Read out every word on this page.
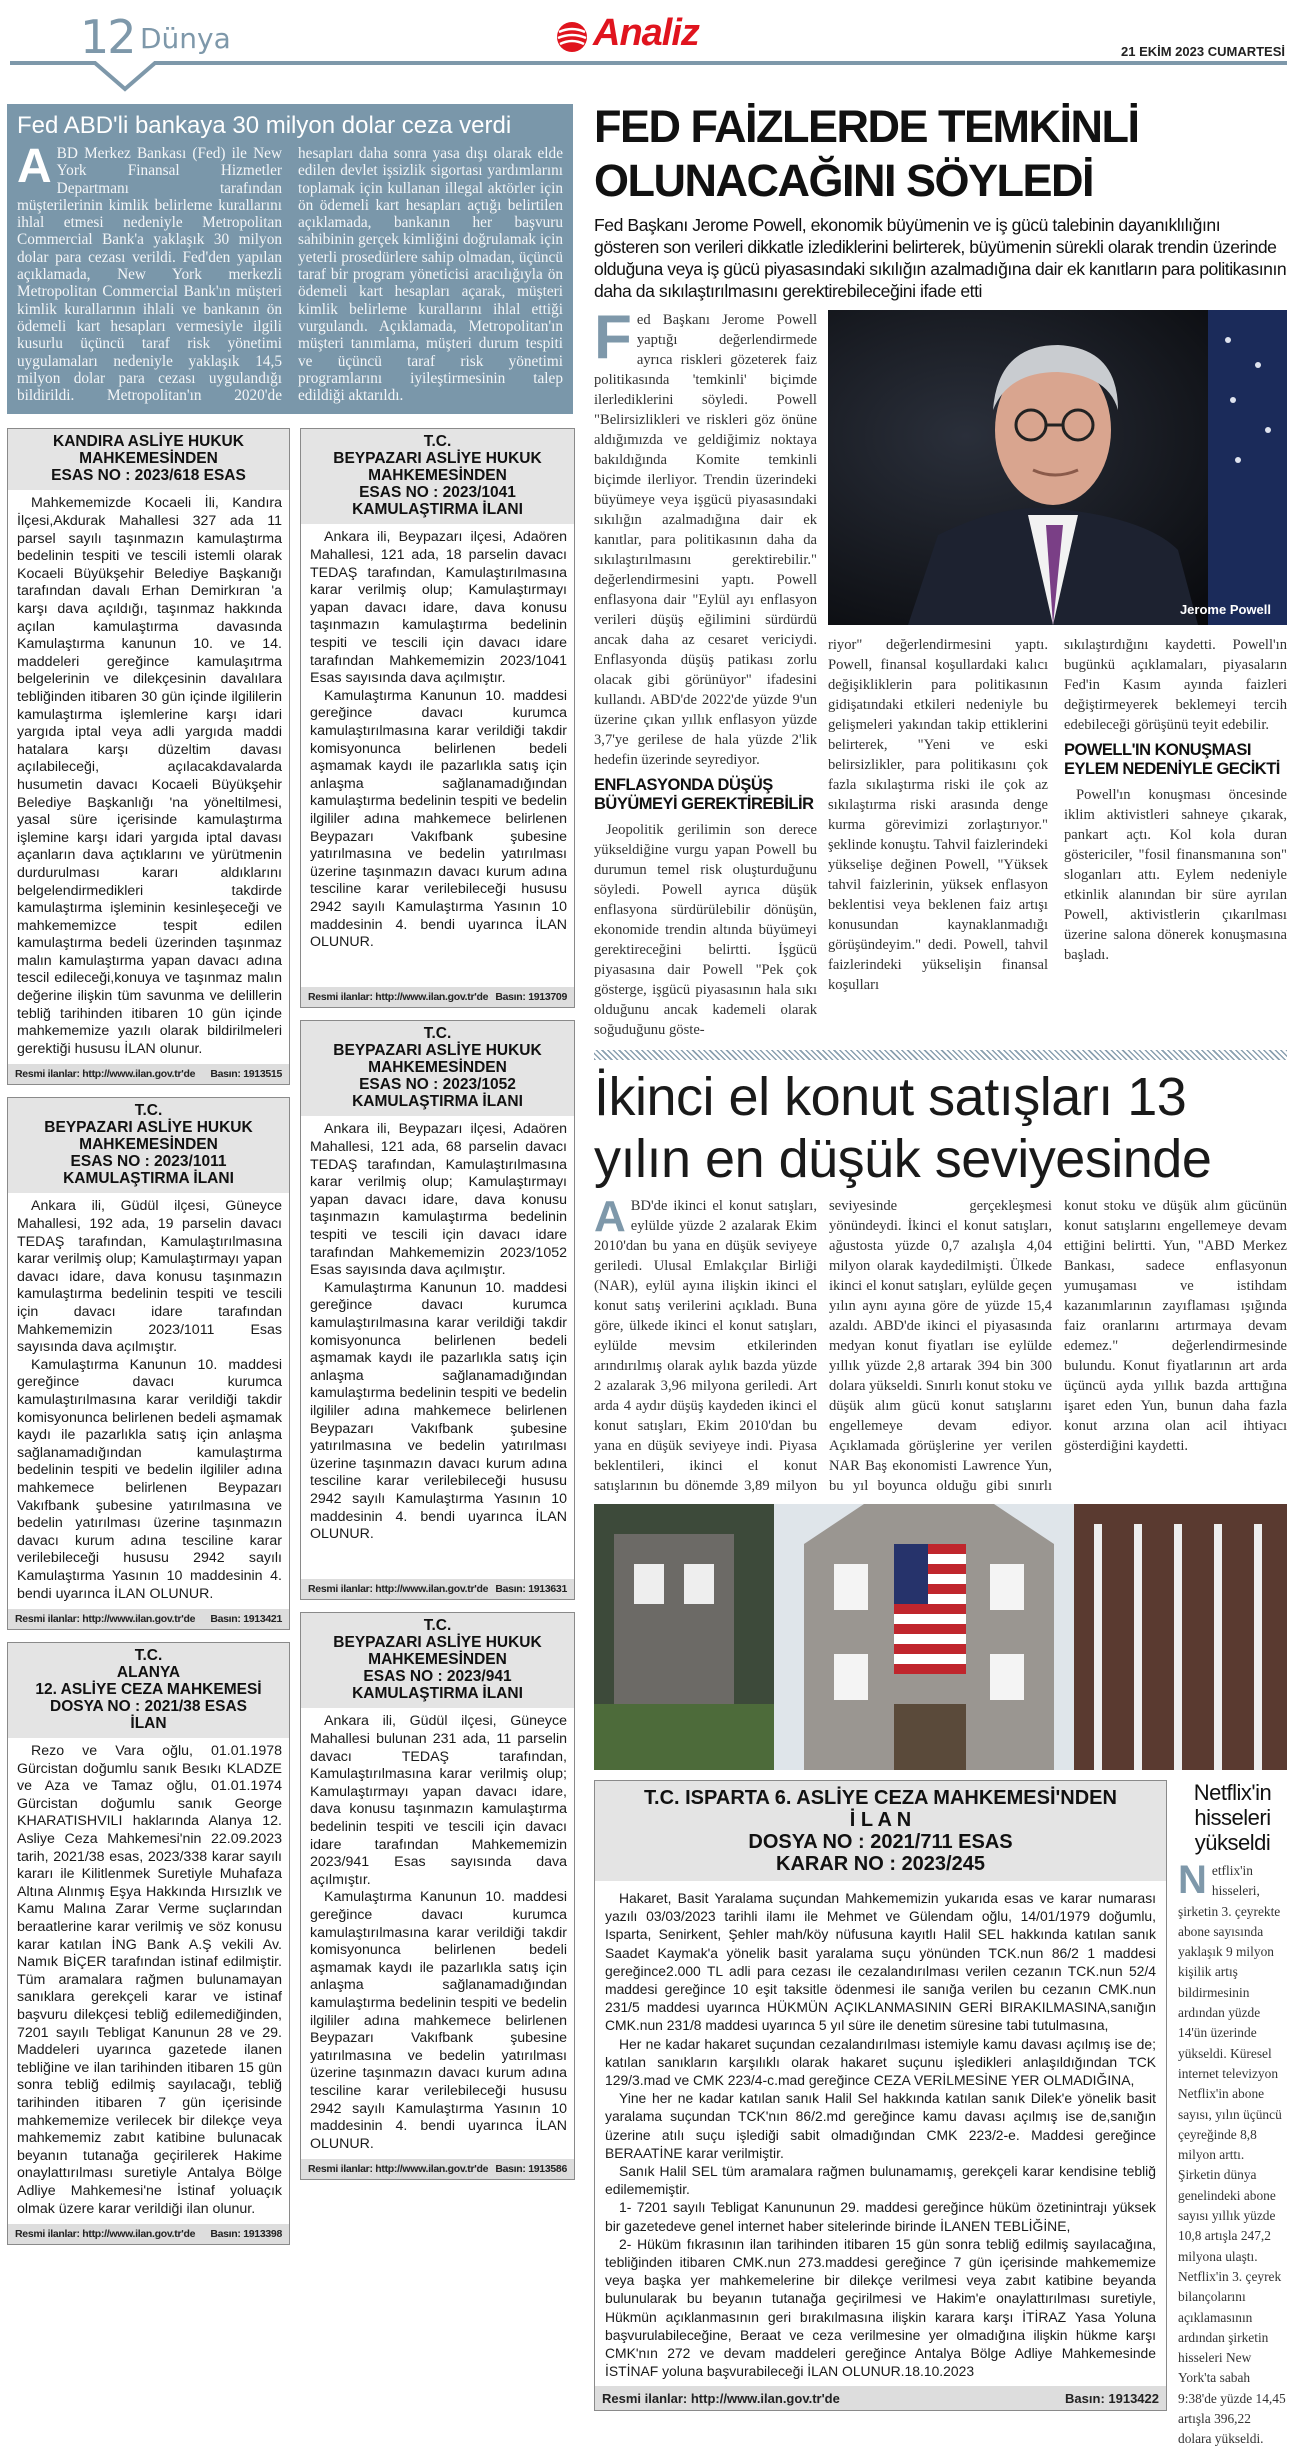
12 Dünya	Analiz	21 EKİM 2023 CUMARTESİ
Fed ABD'li bankaya 30 milyon dolar ceza verdi
ABD Merkez Bankası (Fed) ile New York Finansal Hizmetler Departmanı tarafından müşterilerinin kimlik belirleme kurallarını ihlal etmesi nedeniyle Metropolitan Commercial Bank'a yaklaşık 30 milyon dolar para cezası verildi. Fed'den yapılan açıklamada, New York merkezli Metropolitan Commercial Bank'ın müşteri kimlik kurallarının ihlali ve bankanın ön ödemeli kart hesapları vermesiyle ilgili kusurlu üçüncü taraf risk yönetimi uygulamaları nedeniyle yaklaşık 14,5 milyon dolar para cezası uygulandığı bildirildi. Metropolitan'ın 2020'de hesapları daha sonra yasa dışı olarak elde edilen devlet işsizlik sigortası yardımlarını toplamak için kullanan illegal aktörler için ön ödemeli kart hesapları açtığı belirtilen açıklamada, bankanın her başvuru sahibinin gerçek kimliğini doğrulamak için yeterli prosedürlere sahip olmadan, üçüncü taraf bir program yöneticisi aracılığıyla ön ödemeli kart hesapları açarak, müşteri kimlik belirleme kurallarını ihlal ettiği vurgulandı. Açıklamada, Metropolitan'ın müşteri tanımlama, müşteri durum tespiti ve üçüncü taraf risk yönetimi programlarını iyileştirmesinin talep edildiği aktarıldı.
KANDIRA ASLİYE HUKUK
MAHKEMESİNDEN
ESAS NO : 2023/618 ESAS

Mahkememizde Kocaeli İli, Kandıra İlçesi,Akdurak Mahallesi 327 ada 11 parsel sayılı taşınmazın kamulaştırma bedelinin tespiti ve tescili istemli olarak Kocaeli Büyükşehir Belediye Başkanığı tarafından davalı Erhan Demirkıran 'a karşı dava açıldığı, taşınmaz hakkında açılan kamulaştırma davasında Kamulaştırma kanunun 10. ve 14. maddeleri gereğince kamulaşıtrma belgelerinin ve dilekçesinin davalılara tebliğinden itibaren 30 gün içinde ilgililerin kamulaştırma işlemlerine karşı idari yargıda iptal veya adli yargıda maddi hatalara karşı düzeltim davası açılabileceği, açılacakdavalarda husumetin davacı Kocaeli Büyükşehir Belediye Başkanlığı 'na yöneltilmesi, yasal süre içerisinde kamulaştırma işlemine karşı idari yargıda iptal davası açanların dava açtıklarını ve yürütmenin durdurulması kararı aldıklarını belgelendirmedikleri takdirde kamulaştırma işleminin kesinleşeceği ve mahkememizce tespit edilen kamulaştırma bedeli üzerinden taşınmaz malın kamulaştırma yapan davacı adına tescil edileceği,konuya ve taşınmaz malın değerine ilişkin tüm savunma ve delillerin tebliğ tarihinden itibaren 10 gün içinde mahkememize yazılı olarak bildirilmeleri gerektiği hususu İLAN olunur.

Resmi ilanlar: http://www.ilan.gov.tr'de Basın: 1913515
T.C.
BEYPAZARI ASLİYE HUKUK
MAHKEMESİNDEN
ESAS NO : 2023/1011
KAMULAŞTIRMA İLANI

Ankara ili, Güdül ilçesi, Güneyce Mahallesi, 192 ada, 19 parselin davacı TEDAŞ tarafından, Kamulaştırılmasına karar verilmiş olup; Kamulaştırmayı yapan davacı idare, dava konusu taşınmazın kamulaştırma bedelinin tespiti ve tescili için davacı idare tarafından Mahkememizin 2023/1011 Esas sayısında dava açılmıştır.

Kamulaştırma Kanunun 10. maddesi gereğince davacı kurumca kamulaştırılmasına karar verildiği takdir komisyonunca belirlenen bedeli aşmamak kaydı ile pazarlıkla satış için anlaşma sağlanamadığından kamulaştırma bedelinin tespiti ve bedelin ilgililer adına mahkemece belirlenen Beypazarı Vakıfbank şubesine yatırılmasına ve bedelin yatırılması üzerine taşınmazın davacı kurum adına tesciline karar verilebileceği hususu 2942 sayılı Kamulaştırma Yasının 10 maddesinin 4. bendi uyarınca İLAN OLUNUR.

Resmi ilanlar: http://www.ilan.gov.tr'de Basın: 1913421
T.C.
ALANYA
12. ASLİYE CEZA MAHKEMESİ
DOSYA NO : 2021/38 ESAS
İLAN

Rezo ve Vara oğlu, 01.01.1978 Gürcistan doğumlu sanık Besıkı KLADZE ve Aza ve Tamaz oğlu, 01.01.1974 Gürcistan doğumlu sanık George KHARATISHVILI haklarında Alanya 12. Asliye Ceza Mahkemesi'nin 22.09.2023 tarih, 2021/38 esas, 2023/338 karar sayılı kararı ile Kilitlenmek Suretiyle Muhafaza Altına Alınmış Eşya Hakkında Hırsızlık ve Kamu Malına Zarar Verme suçlarından beraatlerine karar verilmiş ve söz konusu karar katılan İNG Bank A.Ş vekili Av. Namık BİÇER tarafından istinaf edilmiştir. Tüm aramalara rağmen bulunamayan sanıklara gerekçeli karar ve istinaf başvuru dilekçesi tebliğ edilemediğinden, 7201 sayılı Tebligat Kanunun 28 ve 29. Maddeleri uyarınca gazetede ilanen tebliğine ve ilan tarihinden itibaren 15 gün sonra tebliğ edilmiş sayılacağı, tebliğ tarihinden itibaren 7 gün içerisinde mahkememize verilecek bir dilekçe veya mahkememiz zabıt katibine bulunacak beyanın tutanağa geçirilerek Hakime onaylattırılması suretiyle Antalya Bölge Adliye Mahkemesi'ne İstinaf yoluaçık olmak üzere karar verildiği ilan olunur.

Resmi ilanlar: http://www.ilan.gov.tr'de Basın: 1913398
T.C.
BEYPAZARI ASLİYE HUKUK
MAHKEMESİNDEN
ESAS NO : 2023/1041
KAMULAŞTIRMA İLANI

Ankara ili, Beypazarı ilçesi, Adaören Mahallesi, 121 ada, 18 parselin davacı TEDAŞ tarafından, Kamulaştırılmasına karar verilmiş olup; Kamulaştırmayı yapan davacı idare, dava konusu taşınmazın kamulaştırma bedelinin tespiti ve tescili için davacı idare tarafından Mahkememizin 2023/1041 Esas sayısında dava açılmıştır.

Kamulaştırma Kanunun 10. maddesi gereğince davacı kurumca kamulaştırılmasına karar verildiği takdir komisyonunca belirlenen bedeli aşmamak kaydı ile pazarlıkla satış için anlaşma sağlanamadığından kamulaştırma bedelinin tespiti ve bedelin ilgililer adına mahkemece belirlenen Beypazarı Vakıfbank şubesine yatırılmasına ve bedelin yatırılması üzerine taşınmazın davacı kurum adına tesciline karar verilebileceği hususu 2942 sayılı Kamulaştırma Yasının 10 maddesinin 4. bendi uyarınca İLAN OLUNUR.

Resmi ilanlar: http://www.ilan.gov.tr'de Basın: 1913709
T.C.
BEYPAZARI ASLİYE HUKUK
MAHKEMESİNDEN
ESAS NO : 2023/1052
KAMULAŞTIRMA İLANI

Ankara ili, Beypazarı ilçesi, Adaören Mahallesi, 121 ada, 68 parselin davacı TEDAŞ tarafından, Kamulaştırılmasına karar verilmiş olup; Kamulaştırmayı yapan davacı idare, dava konusu taşınmazın kamulaştırma bedelinin tespiti ve tescili için davacı idare tarafından Mahkememizin 2023/1052 Esas sayısında dava açılmıştır.

Kamulaştırma Kanunun 10. maddesi gereğince davacı kurumca kamulaştırılmasına karar verildiği takdir komisyonunca belirlenen bedeli aşmamak kaydı ile pazarlıkla satış için anlaşma sağlanamadığından kamulaştırma bedelinin tespiti ve bedelin ilgililer adına mahkemece belirlenen Beypazarı Vakıfbank şubesine yatırılmasına ve bedelin yatırılması üzerine taşınmazın davacı kurum adına tesciline karar verilebileceği hususu 2942 sayılı Kamulaştırma Yasının 10 maddesinin 4. bendi uyarınca İLAN OLUNUR.

Resmi ilanlar: http://www.ilan.gov.tr'de Basın: 1913631
T.C.
BEYPAZARI ASLİYE HUKUK
MAHKEMESİNDEN
ESAS NO : 2023/941
KAMULAŞTIRMA İLANI

Ankara ili, Güdül ilçesi, Güneyce Mahallesi bulunan 231 ada, 11 parselin davacı TEDAŞ tarafından, Kamulaştırılmasına karar verilmiş olup; Kamulaştırmayı yapan davacı idare, dava konusu taşınmazın kamulaştırma bedelinin tespiti ve tescili için davacı idare tarafından Mahkememizin 2023/941 Esas sayısında dava açılmıştır.

Kamulaştırma Kanunun 10. maddesi gereğince davacı kurumca kamulaştırılmasına karar verildiği takdir komisyonunca belirlenen bedeli aşmamak kaydı ile pazarlıkla satış için anlaşma sağlanamadığından kamulaştırma bedelinin tespiti ve bedelin ilgililer adına mahkemece belirlenen Beypazarı Vakıfbank şubesine yatırılmasına ve bedelin yatırılması üzerine taşınmazın davacı kurum adına tesciline karar verilebileceği hususu 2942 sayılı Kamulaştırma Yasının 10 maddesinin 4. bendi uyarınca İLAN OLUNUR.

Resmi ilanlar: http://www.ilan.gov.tr'de Basın: 1913586
FED FAİZLERDE TEMKİNLİ
OLUNACAĞINI SÖYLEDİ
Fed Başkanı Jerome Powell, ekonomik büyümenin ve iş gücü talebinin dayanıklılığını gösteren son verileri dikkatle izlediklerini belirterek, büyümenin sürekli olarak trendin üzerinde olduğuna veya iş gücü piyasasındaki sıkılığın azalmadığına dair ek kanıtların para politikasının daha da sıkılaştırılmasını gerektirebileceğini ifade etti

Fed Başkanı Jerome Powell yaptığı değerlendirmede ayrıca riskleri gözeterek faiz politikasında 'temkinli' biçimde ilerlediklerini söyledi. Powell "Belirsizlikleri ve riskleri göz önüne aldığımızda ve geldiğimiz noktaya bakıldığında Komite temkinli biçimde ilerliyor. Trendin üzerindeki büyümeye veya işgücü piyasasındaki sıkılığın azalmadığına dair ek kanıtlar, para politikasının daha da sıkılaştırılmasını gerektirebilir." değerlendirmesini yaptı. Powell enflasyona dair "Eylül ayı enflasyon verileri düşüş eğilimini sürdürdü ancak daha az cesaret vericiydi. Enflasyonda düşüş patikası zorlu olacak gibi görünüyor" ifadesini kullandı. ABD'de 2022'de yüzde 9'un üzerine çıkan yıllık enflasyon yüzde 3,7'ye gerilese de hala yüzde 2'lik hedefin üzerinde seyrediyor.

ENFLASYONDA DÜŞÜŞ BÜYÜMEYİ GEREKTİREBİLİR

Jeopolitik gerilimin son derece yükseldiğine vurgu yapan Powell bu durumun temel risk oluşturduğunu söyledi. Powell ayrıca düşük enflasyona sürdürülebilir dönüşün, ekonomide trendin altında büyümeyi gerektireceğini belirtti. İşgücü piyasasına dair Powell "Pek çok gösterge, işgücü piyasasının hala sıkı olduğunu ancak kademeli olarak soğuduğunu göste-

Jerome Powell

riyor" değerlendirmesini yaptı. Powell, finansal koşullardaki kalıcı değişikliklerin para politikasının gidişatındaki etkileri nedeniyle bu gelişmeleri yakından takip ettiklerini belirterek, "Yeni ve eski belirsizlikler, para politikasını çok fazla sıkılaştırma riski ile çok az sıkılaştırma riski arasında denge kurma görevimizi zorlaştırıyor." şeklinde konuştu. Tahvil faizlerindeki yükselişe değinen Powell, "Yüksek tahvil faizlerinin, yüksek enflasyon beklentisi veya beklenen faiz artışı konusundan kaynaklanmadığı görüşündeyim." dedi. Powell, tahvil faizlerindeki yükselişin finansal koşulları

sıkılaştırdığını kaydetti. Powell'ın bugünkü açıklamaları, piyasaların Fed'in Kasım ayında faizleri değiştirmeyerek beklemeyi tercih edebileceği görüşünü teyit edebilir.

POWELL'IN KONUŞMASI EYLEM NEDENİYLE GECİKTİ

Powell'ın konuşması öncesinde iklim aktivistleri sahneye çıkarak, pankart açtı. Kol kola duran göstericiler, "fosil finansmanına son" sloganları attı. Eylem nedeniyle etkinlik alanından bir süre ayrılan Powell, aktivistlerin çıkarılması üzerine salona dönerek konuşmasına başladı.

İkinci el konut satışları 13 yılın en düşük seviyesinde
ABD'de ikinci el konut satışları, eylülde yüzde 2 azalarak Ekim 2010'dan bu yana en düşük seviyeye geriledi. Ulusal Emlakçılar Birliği (NAR), eylül ayına ilişkin ikinci el konut satış verilerini açıkladı. Buna göre, ülkede ikinci el konut satışları, eylülde mevsim etkilerinden arındırılmış olarak aylık bazda yüzde 2 azalarak 3,96 milyona geriledi. Art arda 4 aydır düşüş kaydeden ikinci el konut satışları, Ekim 2010'dan bu yana en düşük seviyeye indi. Piyasa beklentileri, ikinci el konut satışlarının bu dönemde 3,89 milyon seviyesinde gerçekleşmesi yönündeydi. İkinci el konut satışları, ağustosta yüzde 0,7 azalışla 4,04 milyon olarak kaydedilmişti. Ülkede ikinci el konut satışları, eylülde geçen yılın aynı ayına göre de yüzde 15,4 azaldı. ABD'de ikinci el piyasasında medyan konut fiyatları ise eylülde yıllık yüzde 2,8 artarak 394 bin 300 dolara yükseldi. Sınırlı konut stoku ve düşük alım gücü konut satışlarını engellemeye devam ediyor. Açıklamada görüşlerine yer verilen NAR Baş ekonomisti Lawrence Yun, bu yıl boyunca olduğu gibi sınırlı konut stoku ve düşük alım gücünün konut satışlarını engellemeye devam ettiğini belirtti. Yun, "ABD Merkez Bankası, sadece enflasyonun yumuşaması ve istihdam kazanımlarının zayıflaması ışığında faiz oranlarını artırmaya devam edemez." değerlendirmesinde bulundu. Konut fiyatlarının art arda üçüncü ayda yıllık bazda arttığına işaret eden Yun, bunun daha fazla konut arzına olan acil ihtiyacı gösterdiğini kaydetti.
T.C. ISPARTA 6. ASLİYE CEZA MAHKEMESİ'NDEN
İ L A N
DOSYA NO : 2021/711 ESAS
KARAR NO : 2023/245

Hakaret, Basit Yaralama suçundan Mahkememizin yukarıda esas ve karar numarası yazılı 03/03/2023 tarihli ilamı ile Mehmet ve Gülendam oğlu, 14/01/1979 doğumlu, Isparta, Senirkent, Şehler mah/köy nüfusuna kayıtlı Halil SEL hakkında katılan sanık Saadet Kaymak'a yönelik basit yaralama suçu yönünden TCK.nun 86/2 1 maddesi gereğince2.000 TL adli para cezası ile cezalandırılması verilen cezanın TCK.nun 52/4 maddesi gereğince 10 eşit taksitle ödenmesi ile sanığa verilen bu cezanın CMK.nun 231/5 maddesi uyarınca HÜKMÜN AÇIKLANMASININ GERİ BIRAKILMASINA,sanığın CMK.nun 231/8 maddesi uyarınca 5 yıl süre ile denetim süresine tabi tutulmasına,

Her ne kadar hakaret suçundan cezalandırılması istemiyle kamu davası açılmış ise de; katılan sanıkların karşılıklı olarak hakaret suçunu işledikleri anlaşıldığından TCK 129/3.mad ve CMK 223/4-c.mad gereğince CEZA VERİLMESİNE YER OLMADIĞINA,

Yine her ne kadar katılan sanık Halil Sel hakkında katılan sanık Dilek'e yönelik basit yaralama suçundan TCK'nın 86/2.md gereğince kamu davası açılmış ise de,sanığın üzerine atılı suçu işlediği sabit olmadığından CMK 223/2-e. Maddesi gereğince BERAATİNE karar verilmiştir.

Sanık Halil SEL tüm aramalara rağmen bulunamamış, gerekçeli karar kendisine tebliğ edilememiştir.

1- 7201 sayılı Tebligat Kanununun 29. maddesi gereğince hüküm özetinintrajı yüksek bir gazetedeve genel internet haber sitelerinde birinde İLANEN TEBLİĞİNE,

2- Hüküm fıkrasının ilan tarihinden itibaren 15 gün sonra tebliğ edilmiş sayılacağına, tebliğinden itibaren CMK.nun 273.maddesi gereğince 7 gün içerisinde mahkememize veya başka yer mahkemelerine bir dilekçe verilmesi veya zabıt katibine beyanda bulunularak bu beyanın tutanağa geçirilmesi ve Hakim'e onaylattırılması suretiyle, Hükmün açıklanmasının geri bırakılmasına ilişkin karara karşı İTİRAZ Yasa Yoluna başvurulabileceğine, Beraat ve ceza verilmesine yer olmadığına ilişkin hükme karşı CMK'nın 272 ve devam maddeleri gereğince Antalya Bölge Adliye Mahkemesinde İSTİNAF yoluna başvurabileceği İLAN OLUNUR.18.10.2023

Resmi ilanlar: http://www.ilan.gov.tr'de	Basın: 1913422
Netflix'in hisseleri yükseldi
Netflix'in hisseleri, şirketin 3. çeyrekte abone sayısında yaklaşık 9 milyon kişilik artış bildirmesinin ardından yüzde 14'ün üzerinde yükseldi. Küresel internet televizyon Netflix'in abone sayısı, yılın üçüncü çeyreğinde 8,8 milyon arttı. Şirketin dünya genelindeki abone sayısı yıllık yüzde 10,8 artışla 247,2 milyona ulaştı. Netflix'in 3. çeyrek bilançolarını açıklamasının ardından şirketin hisseleri New York'ta sabah 9:38'de yüzde 14,45 artışla 396,22 dolara yükseldi.
